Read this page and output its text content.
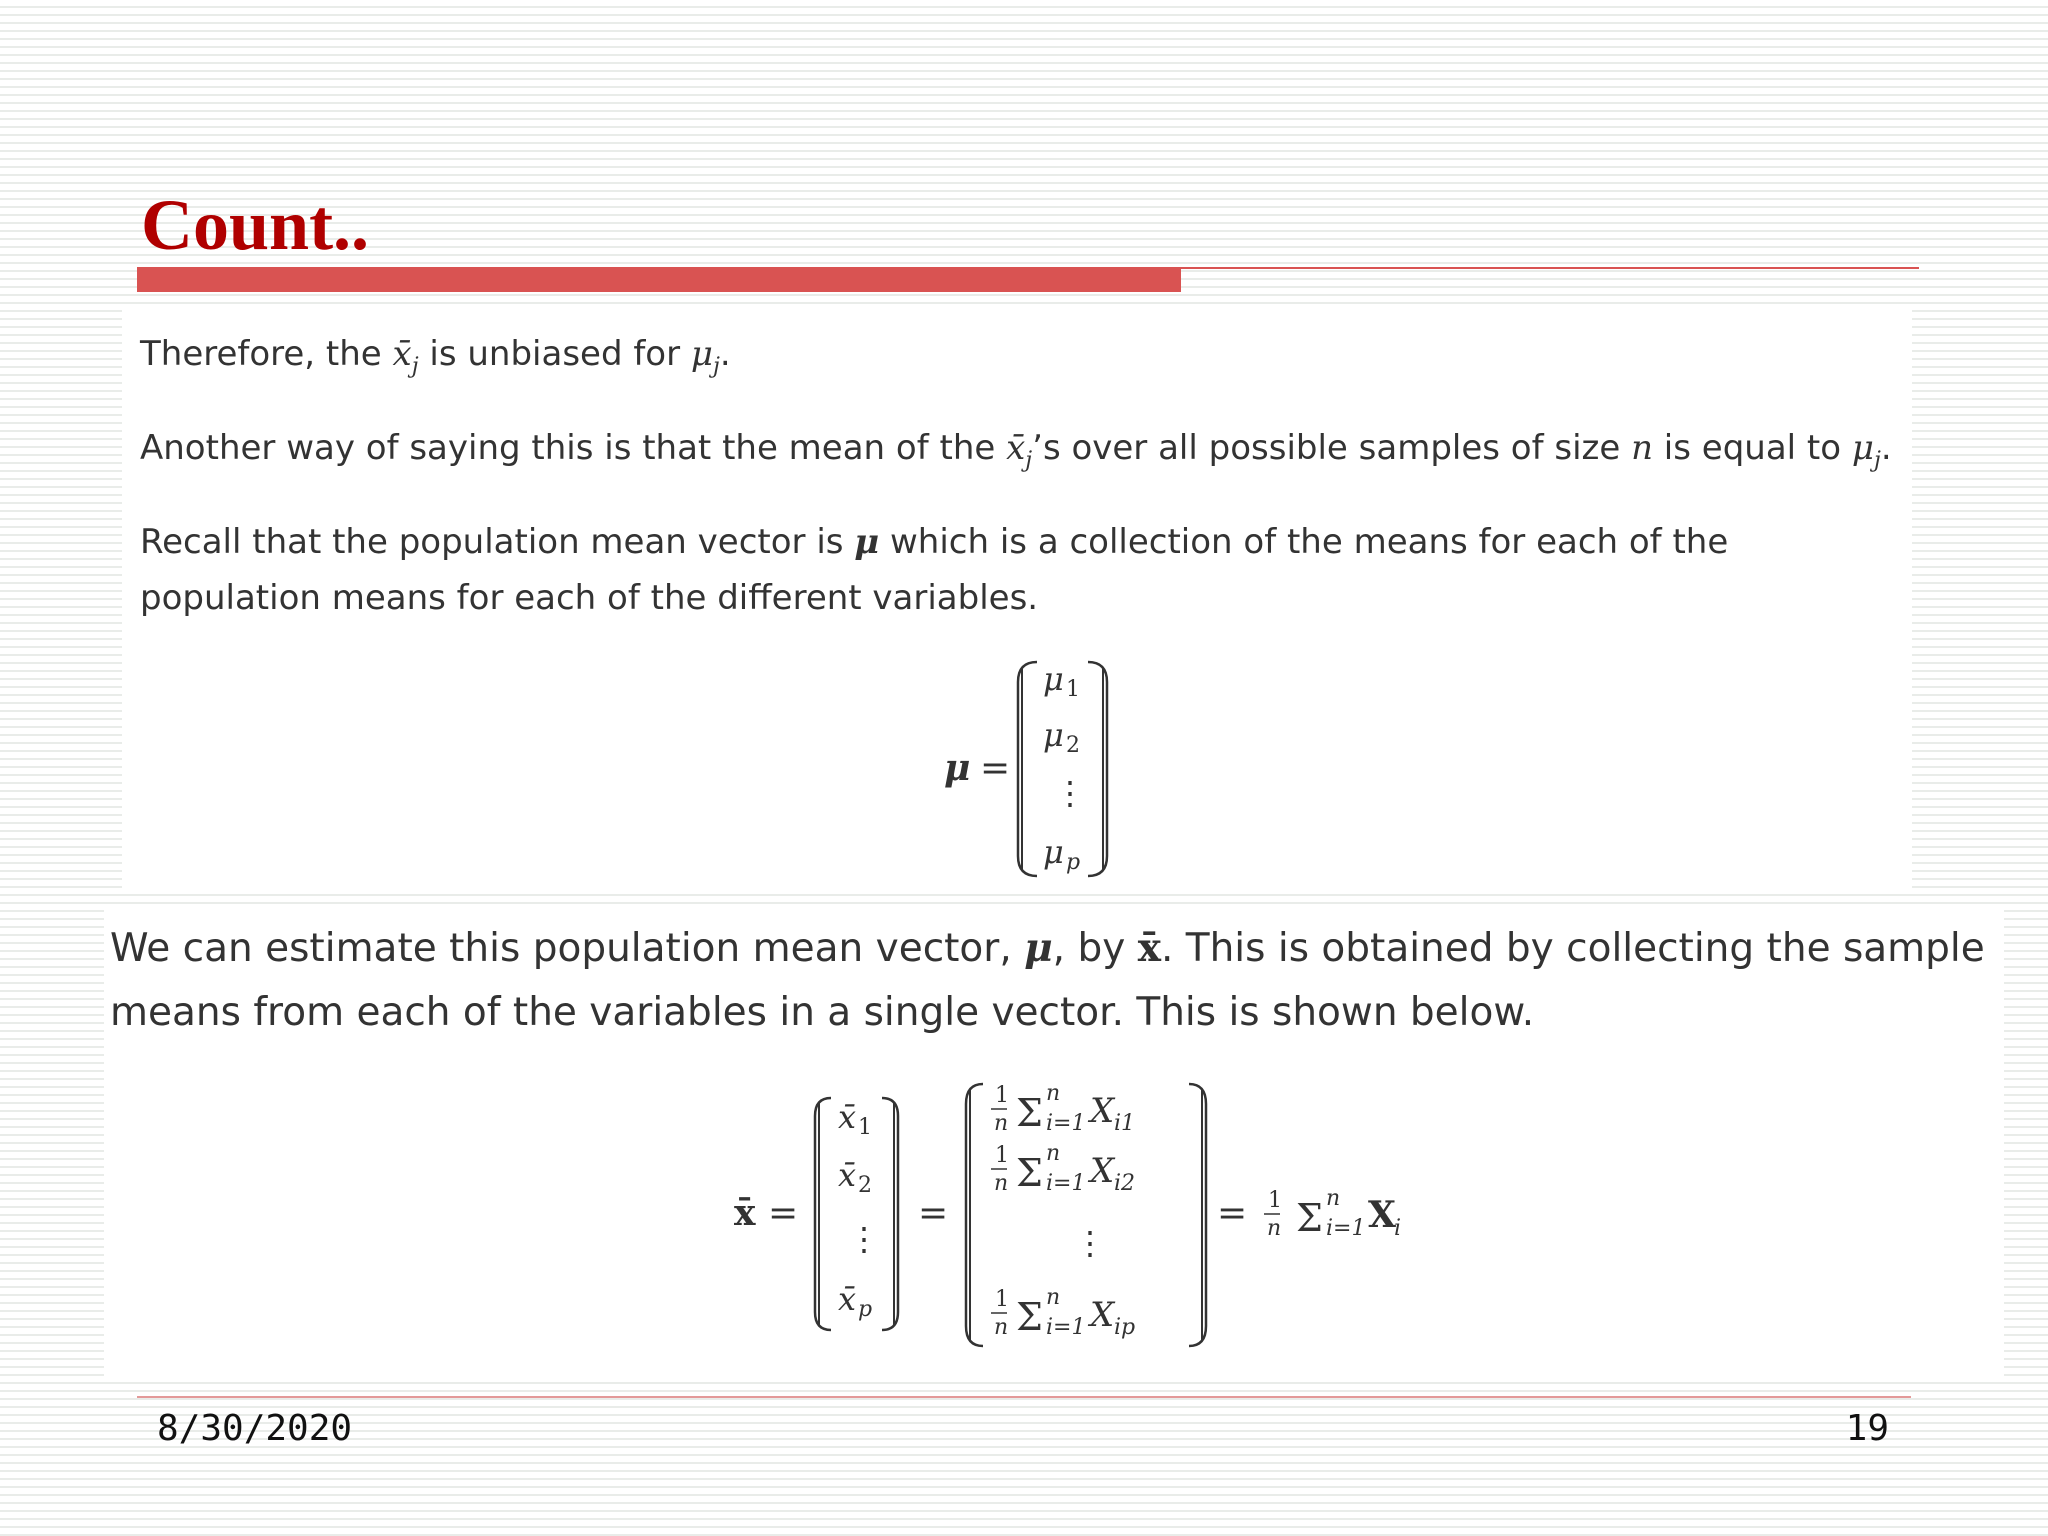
Count..

Therefore, the $x̄_j$ is unbiased for $\mu_j$.

Another way of saying this is that the mean of the $x̄_j’s$ over all possible samples of size n is equal to $\mu_j$.

Recall that the population mean vector is μ which is a collection of the means for each of the population means for each of the different variables.

μ =
μ 1
μ 2
⋮
μ p

We can estimate this population mean vector, μ, by x̄. This is obtained by collecting the sample means from each of the variables in a single vector. This is shown below.

x̄ =
x̄ 1
x̄ 2
⋮
x̄ p
=
1
n Σ n
i=1 X i1
1
n Σ n
i=1 X i2
⋮
1
n Σ n
i=1 X ip
= 1
n Σ n
i=1 X
i

8/30/2020	19
